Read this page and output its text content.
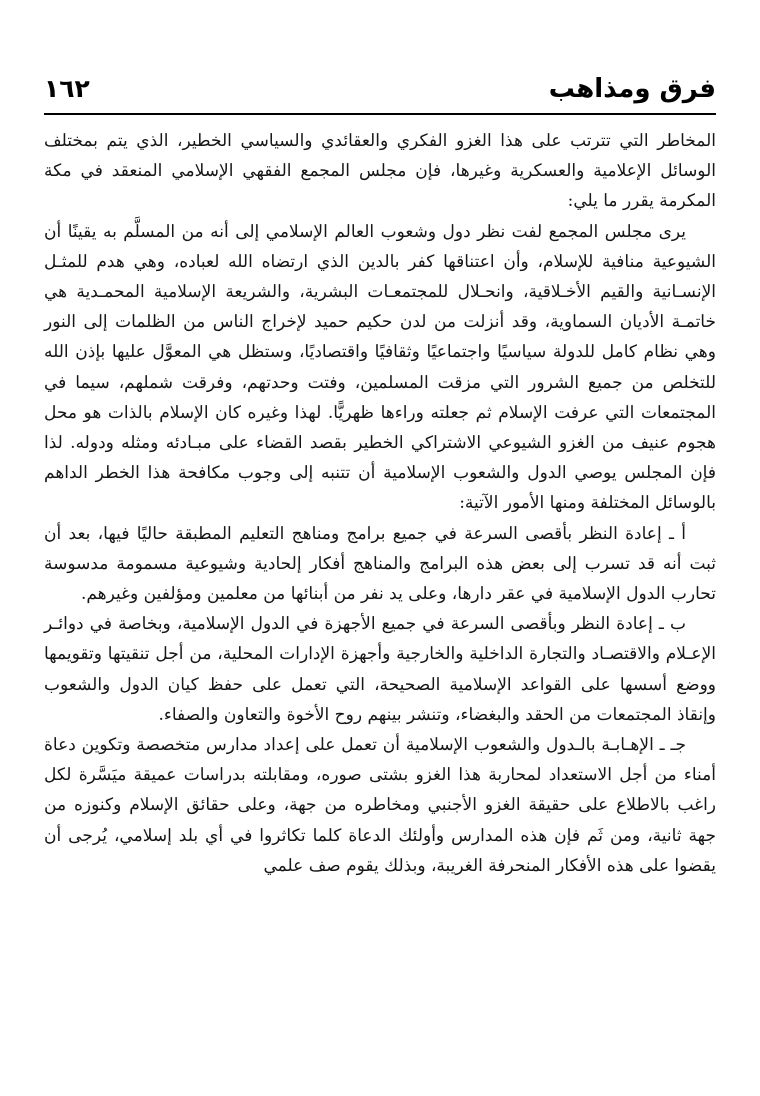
فرق ومذاهب
١٦٢

المخاطر التي تترتب على هذا الغزو الفكري والعقائدي والسياسي الخطير، الذي يتم بمختلف الوسائل الإعلامية والعسكرية وغيرها، فإن مجلس المجمع الفقهي الإسلامي المنعقد في مكة المكرمة يقرر ما يلي:

يرى مجلس المجمع لفت نظر دول وشعوب العالم الإسلامي إلى أنه من المسلَّم به يقينًا أن الشيوعية منافية للإسلام، وأن اعتناقها كفر بالدين الذي ارتضاه الله لعباده، وهي هدم للمثـل الإنسـانية والقيم الأخـلاقية، وانحـلال للمجتمعـات البشرية، والشريعة الإسلامية المحمـدية هي خاتمـة الأديان السماوية، وقد أنزلت من لدن حكيم حميد لإخراج الناس من الظلمات إلى النور وهي نظام كامل للدولة سياسيًا واجتماعيًا وثقافيًا واقتصاديًا، وستظل هي المعوَّل عليها بإذن الله للتخلص من جميع الشرور التي مزقت المسلمين، وفتت وحدتهم، وفرقت شملهم، سيما في المجتمعات التي عرفت الإسلام ثم جعلته وراءها ظهريًّا. لهذا وغيره كان الإسلام بالذات هو محل هجوم عنيف من الغزو الشيوعي الاشتراكي الخطير بقصد القضاء على مبـادئه ومثله ودوله. لذا فإن المجلس يوصي الدول والشعوب الإسلامية أن تتنبه إلى وجوب مكافحة هذا الخطر الداهم بالوسائل المختلفة ومنها الأمور الآتية:

أ ـ إعادة النظر بأقصى السرعة في جميع برامج ومناهج التعليم المطبقة حاليًا فيها، بعد أن ثبت أنه قد تسرب إلى بعض هذه البرامج والمناهج أفكار إلحادية وشيوعية مسمومة مدسوسة تحارب الدول الإسلامية في عقر دارها، وعلى يد نفر من أبنائها من معلمين ومؤلفين وغيرهم.

ب ـ إعادة النظر وبأقصى السرعة في جميع الأجهزة في الدول الإسلامية، وبخاصة في دوائـر الإعـلام والاقتصـاد والتجارة الداخلية والخارجية وأجهزة الإدارات المحلية، من أجل تنقيتها وتقويمها ووضع أسسها على القواعد الإسلامية الصحيحة، التي تعمل على حفظ كيان الدول والشعوب وإنقاذ المجتمعات من الحقد والبغضاء، وتنشر بينهم روح الأخوة والتعاون والصفاء.

جـ ـ الإهـابـة بالـدول والشعوب الإسلامية أن تعمل على إعداد مدارس متخصصة وتكوين دعاة أمناء من أجل الاستعداد لمحاربة هذا الغزو بشتى صوره، ومقابلته بدراسات عميقة ميَسَّرة لكل راغب بالاطلاع على حقيقة الغزو الأجنبي ومخاطره من جهة، وعلى حقائق الإسلام وكنوزه من جهة ثانية، ومن ثَم فإن هذه المدارس وأولئك الدعاة كلما تكاثروا في أي بلد إسلامي، يُرجى أن يقضوا على هذه الأفكار المنحرفة الغريبة، وبذلك يقوم صف علمي
